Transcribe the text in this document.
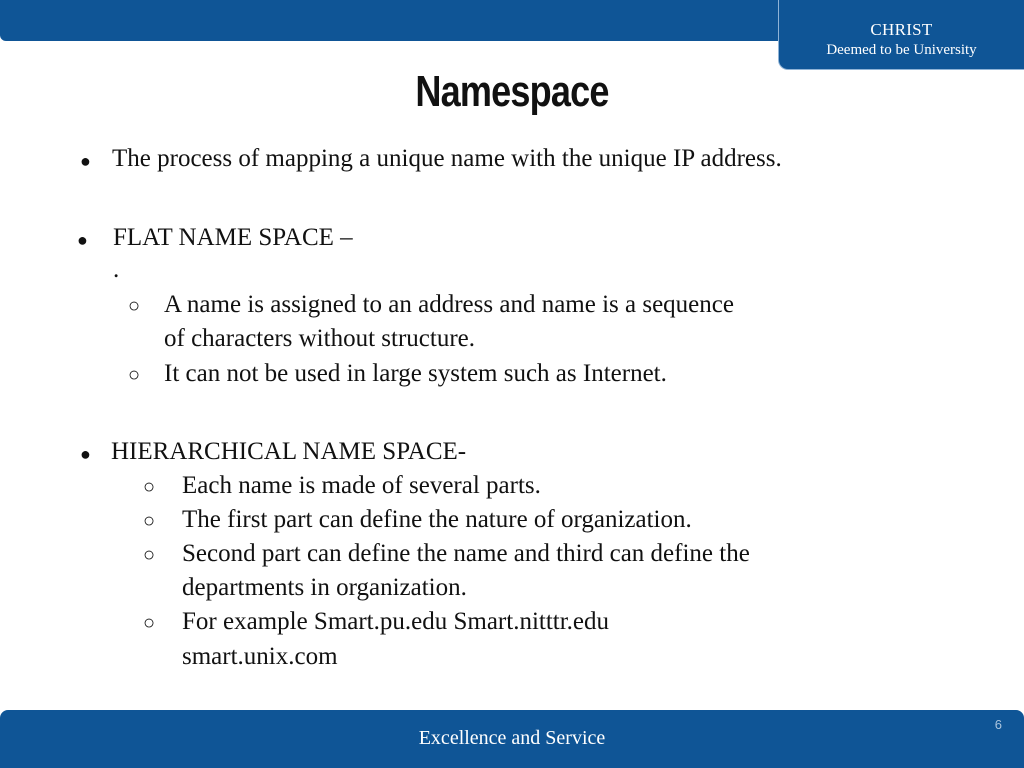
CHRIST
Deemed to be University
Namespace
● The process of mapping a unique name with the unique IP address.
● FLAT NAME SPACE –
.
○ A name is assigned to an address and name is a sequence
of characters without structure.
○ It can not be used in large system such as Internet.
● HIERARCHICAL NAME SPACE-
○ Each name is made of several parts.
○ The first part can define the nature of organization.
○ Second part can define the name and third can define the
departments in organization.
○ For example Smart.pu.edu Smart.nitttr.edu
smart.unix.com
Excellence and Service
6
